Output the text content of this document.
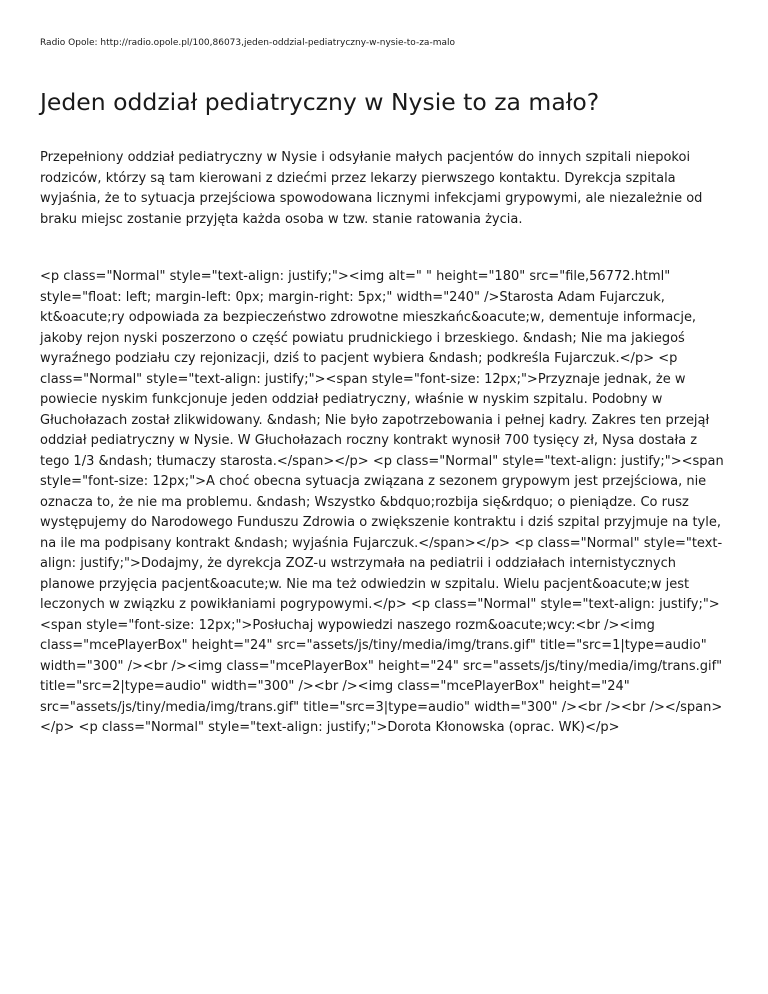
Radio Opole: http://radio.opole.pl/100,86073,jeden-oddzial-pediatryczny-w-nysie-to-za-malo
Jeden oddział pediatryczny w Nysie to za mało?

Przepełniony oddział pediatryczny w Nysie i odsyłanie małych pacjentów do innych szpitali niepokoi rodziców, którzy są tam kierowani z dziećmi przez lekarzy pierwszego kontaktu. Dyrekcja szpitala wyjaśnia, że to sytuacja przejściowa spowodowana licznymi infekcjami grypowymi, ale niezależnie od braku miejsc zostanie przyjęta każda osoba w tzw. stanie ratowania życia.

<p class="Normal" style="text-align: justify;"><img alt=" " height="180" src="file,56772.html" style="float: left; margin-left: 0px; margin-right: 5px;" width="240" />Starosta Adam Fujarczuk, kt&oacute;ry odpowiada za bezpieczeństwo zdrowotne mieszkańc&oacute;w, dementuje informacje, jakoby rejon nyski poszerzono o część powiatu prudnickiego i brzeskiego. &ndash; Nie ma jakiegoś wyraźnego podziału czy rejonizacji, dziś to pacjent wybiera &ndash; podkreśla Fujarczuk.</p> <p class="Normal" style="text-align: justify;"><span style="font-size: 12px;">Przyznaje jednak, że w powiecie nyskim funkcjonuje jeden oddział pediatryczny, właśnie w nyskim szpitalu. Podobny w Głuchołazach został zlikwidowany. &ndash; Nie było zapotrzebowania i pełnej kadry. Zakres ten przejął oddział pediatryczny w Nysie. W Głuchołazach roczny kontrakt wynosił 700 tysięcy zł, Nysa dostała z tego 1/3 &ndash; tłumaczy starosta.</span></p> <p class="Normal" style="text-align: justify;"><span style="font-size: 12px;">A choć obecna sytuacja związana z sezonem grypowym jest przejściowa, nie oznacza to, że nie ma problemu. &ndash; Wszystko &bdquo;rozbija się&rdquo; o pieniądze. Co rusz występujemy do Narodowego Funduszu Zdrowia o zwiększenie kontraktu i dziś szpital przyjmuje na tyle, na ile ma podpisany kontrakt &ndash; wyjaśnia Fujarczuk.</span></p> <p class="Normal" style="text-align: justify;">Dodajmy, że dyrekcja ZOZ-u wstrzymała na pediatrii i oddziałach internistycznych planowe przyjęcia pacjent&oacute;w. Nie ma też odwiedzin w szpitalu. Wielu pacjent&oacute;w jest leczonych w związku z powikłaniami pogrypowymi.</p> <p class="Normal" style="text-align: justify;"><span style="font-size: 12px;">Posłuchaj wypowiedzi naszego rozm&oacute;wcy:<br /><img class="mcePlayerBox" height="24" src="assets/js/tiny/media/img/trans.gif" title="src=1|type=audio" width="300" /><br /><img class="mcePlayerBox" height="24" src="assets/js/tiny/media/img/trans.gif" title="src=2|type=audio" width="300" /><br /><img class="mcePlayerBox" height="24" src="assets/js/tiny/media/img/trans.gif" title="src=3|type=audio" width="300" /><br /><br /></span></p> <p class="Normal" style="text-align: justify;">Dorota Kłonowska (oprac. WK)</p>
